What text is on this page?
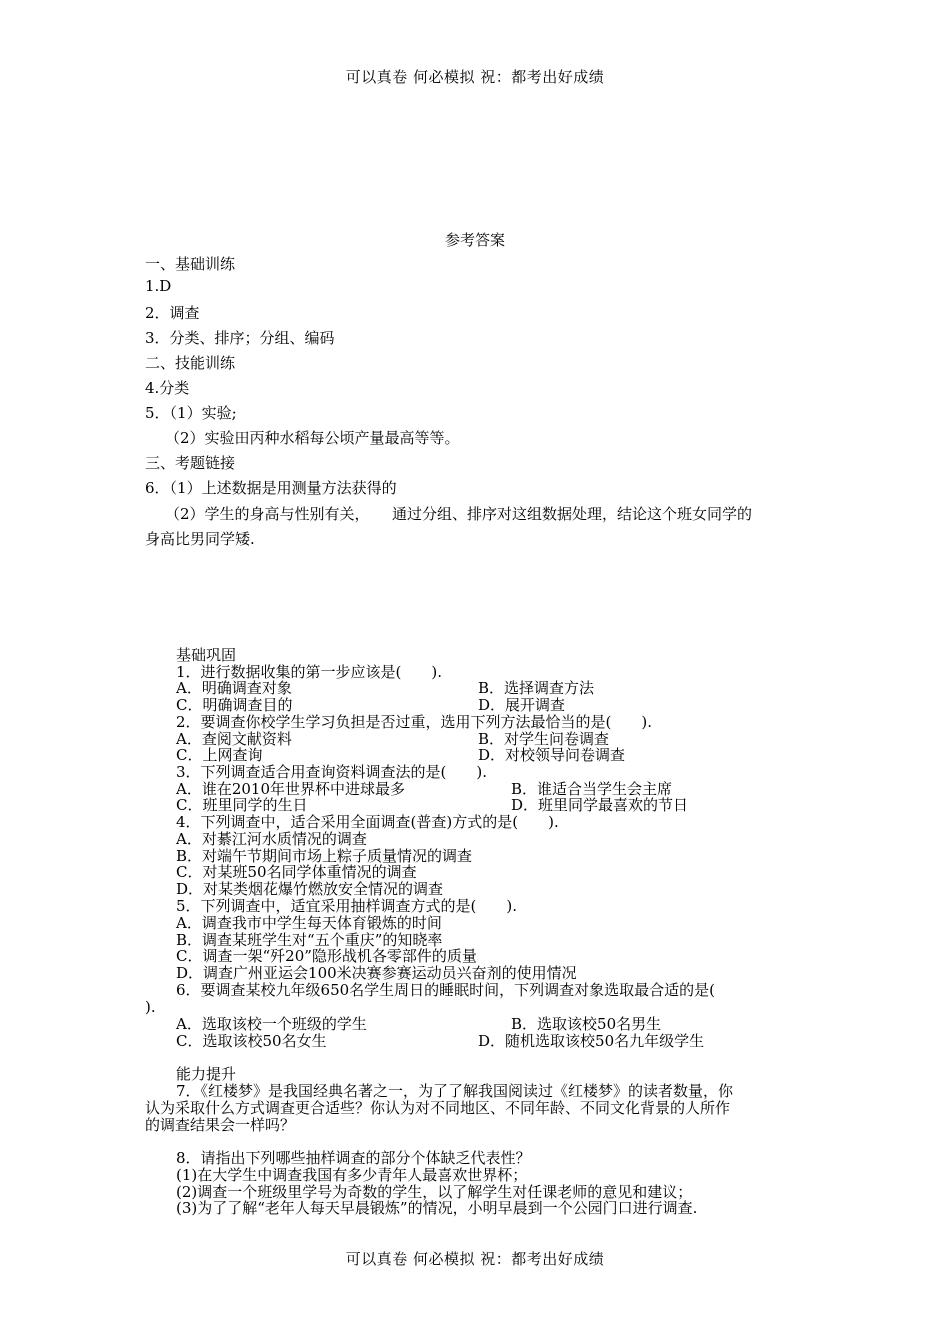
可以真卷 何必模拟 祝：都考出好成绩
参考答案
一、基础训练
1.D
2．调查
3．分类、排序；分组、编码
二、技能训练
4.分类
5．（1）实验;
（2）实验田丙种水稻每公顷产量最高等等。
三、考题链接
6．（1）上述数据是用测量方法获得的
（2）学生的身高与性别有关，　　通过分组、排序对这组数据处理，结论这个班女同学的
身高比男同学矮.
基础巩固
1．进行数据收集的第一步应该是(　　).
A．明确调查对象	B．选择调查方法
C．明确调查目的	D．展开调查
2．要调查你校学生学习负担是否过重，选用下列方法最恰当的是(　　).
A．查阅文献资料	B．对学生问卷调查
C．上网查询	D．对校领导问卷调查
3．下列调查适合用查询资料调查法的是(　　).
A．谁在2010年世界杯中进球最多	B．谁适合当学生会主席
C．班里同学的生日	D．班里同学最喜欢的节日
4．下列调查中，适合采用全面调查(普查)方式的是(　　).
A．对綦江河水质情况的调查
B．对端午节期间市场上粽子质量情况的调查
C．对某班50名同学体重情况的调查
D．对某类烟花爆竹燃放安全情况的调查
5．下列调查中，适宜采用抽样调查方式的是(　　).
A．调查我市中学生每天体育锻炼的时间
B．调查某班学生对“五个重庆”的知晓率
C．调查一架“歼20”隐形战机各零部件的质量
D．调查广州亚运会100米决赛参赛运动员兴奋剂的使用情况
6．要调查某校九年级650名学生周日的睡眠时间，下列调查对象选取最合适的是(
).
A．选取该校一个班级的学生	B．选取该校50名男生
C．选取该校50名女生	D．随机选取该校50名九年级学生
能力提升
7．《红楼梦》是我国经典名著之一，为了了解我国阅读过《红楼梦》的读者数量，你
认为采取什么方式调查更合适些？你认为对不同地区、不同年龄、不同文化背景的人所作
的调查结果会一样吗？
8．请指出下列哪些抽样调查的部分个体缺乏代表性？
(1)在大学生中调查我国有多少青年人最喜欢世界杯；
(2)调查一个班级里学号为奇数的学生，以了解学生对任课老师的意见和建议；
(3)为了了解“老年人每天早晨锻炼”的情况，小明早晨到一个公园门口进行调查.
可以真卷 何必模拟 祝：都考出好成绩
